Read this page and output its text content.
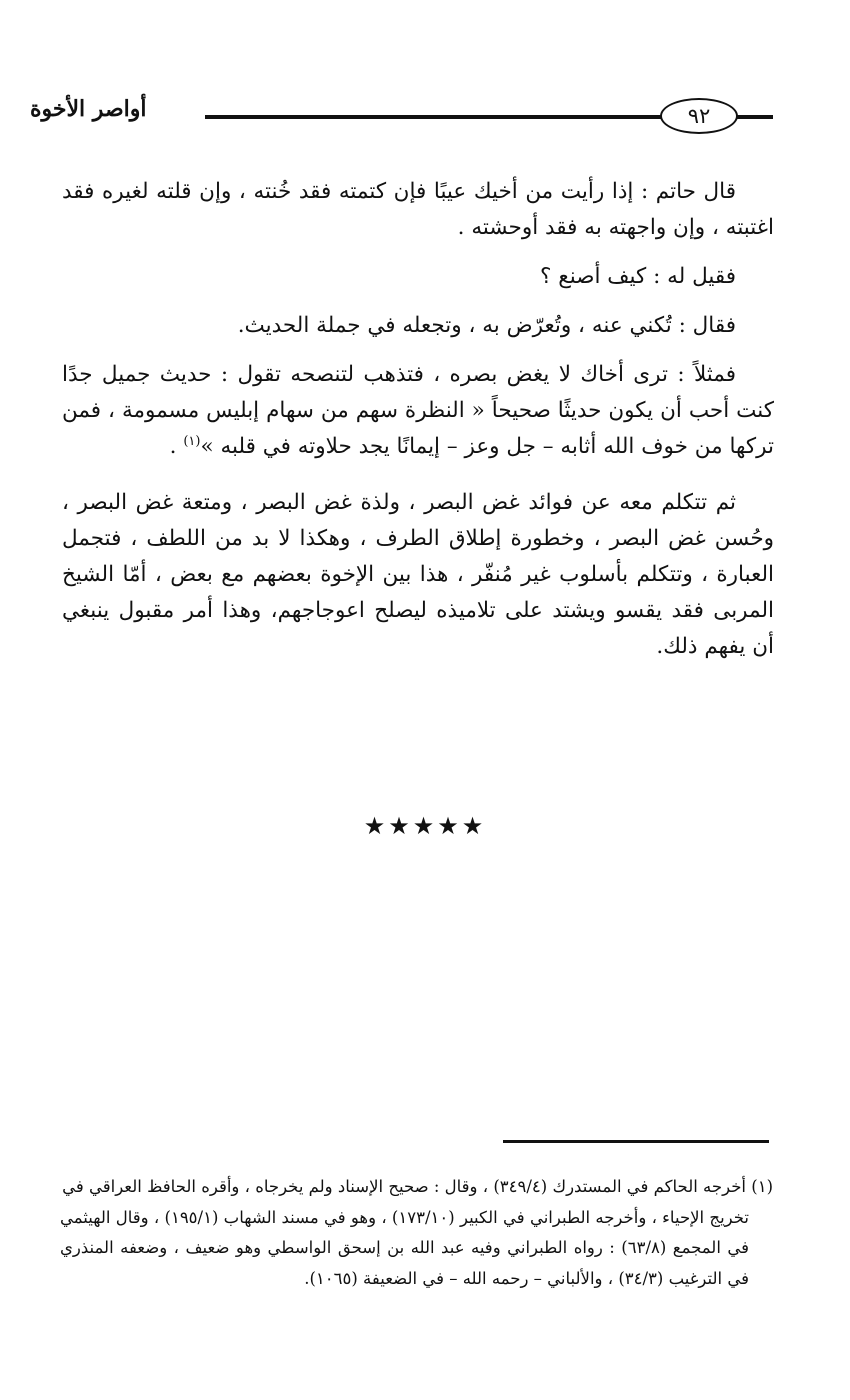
٩٢
أواصر الأخوة

قال حاتم : إذا رأيت من أخيك عيبًا فإن كتمته فقد خُنته ، وإن قلته لغيره فقد اغتبته ، وإن واجهته به فقد أوحشته .

فقيل له : كيف أصنع ؟

فقال : تُكني عنه ، وتُعرّض به ، وتجعله في جملة الحديث.

فمثلاً : ترى أخاك لا يغض بصره ، فتذهب لتنصحه تقول : حديث جميل جدًا كنت أحب أن يكون حديثًا صحيحاً « النظرة سهم من سهام إبليس مسمومة ، فمن تركها من خوف الله أثابه – جل وعز – إيمانًا يجد حلاوته في قلبه »$^{(١)}$ .

ثم تتكلم معه عن فوائد غض البصر ، ولذة غض البصر ، ومتعة غض البصر ، وحُسن غض البصر ، وخطورة إطلاق الطرف ، وهكذا لا بد من اللطف ، فتجمل العبارة ، وتتكلم بأسلوب غير مُنفّر ، هذا بين الإخوة بعضهم مع بعض ، أمّا الشيخ المربى فقد يقسو ويشتد على تلاميذه ليصلح اعوجاجهم، وهذا أمر مقبول ينبغي أن يفهم ذلك.

★★★★★

(١) أخرجه الحاكم في المستدرك (٣٤٩/٤) ، وقال : صحيح الإسناد ولم يخرجاه ، وأقره الحافظ العراقي في

تخريج الإحياء ، وأخرجه الطبراني في الكبير (١٧٣/١٠) ، وهو في مسند الشهاب (١٩٥/١) ، وقال الهيثمي في المجمع (٦٣/٨) : رواه الطبراني وفيه عبد الله بن إسحق الواسطي وهو ضعيف ، وضعفه المنذري في الترغيب (٣٤/٣) ، والألباني – رحمه الله – في الضعيفة (١٠٦٥).
